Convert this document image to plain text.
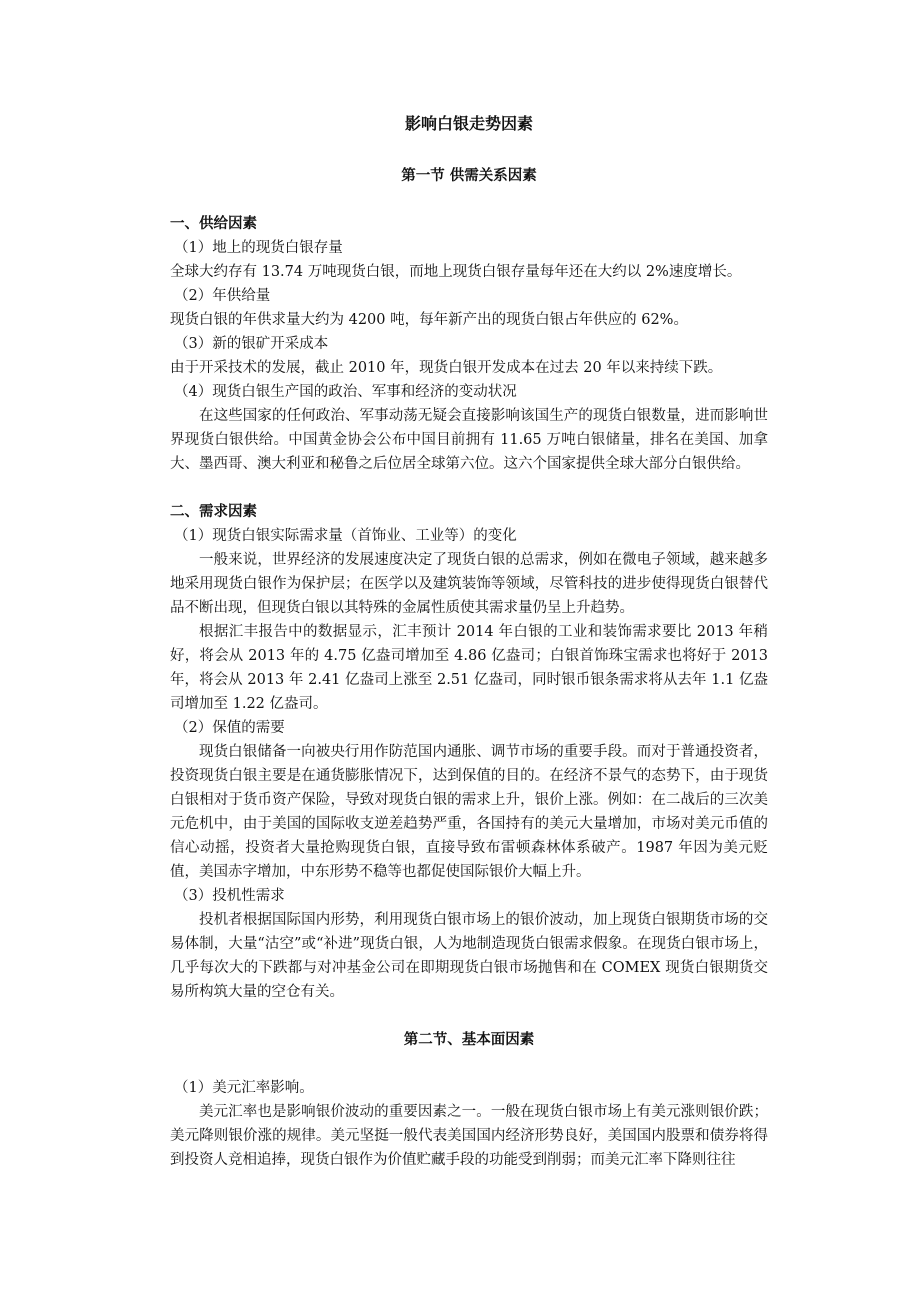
影响白银走势因素
第一节 供需关系因素
一、供给因素
（1）地上的现货白银存量
全球大约存有 13.74 万吨现货白银，而地上现货白银存量每年还在大约以 2%速度增长。
（2）年供给量
现货白银的年供求量大约为 4200 吨，每年新产出的现货白银占年供应的 62%。
（3）新的银矿开采成本
由于开采技术的发展，截止 2010 年，现货白银开发成本在过去 20 年以来持续下跌。
（4）现货白银生产国的政治、军事和经济的变动状况
在这些国家的任何政治、军事动荡无疑会直接影响该国生产的现货白银数量，进而影响世界现货白银供给。中国黄金协会公布中国目前拥有 11.65 万吨白银储量，排名在美国、加拿大、墨西哥、澳大利亚和秘鲁之后位居全球第六位。这六个国家提供全球大部分白银供给。
二、需求因素
（1）现货白银实际需求量（首饰业、工业等）的变化
一般来说，世界经济的发展速度决定了现货白银的总需求，例如在微电子领域，越来越多地采用现货白银作为保护层；在医学以及建筑装饰等领域，尽管科技的进步使得现货白银替代品不断出现，但现货白银以其特殊的金属性质使其需求量仍呈上升趋势。
根据汇丰报告中的数据显示，汇丰预计 2014 年白银的工业和装饰需求要比 2013 年稍好，将会从 2013 年的 4.75 亿盎司增加至 4.86 亿盎司；白银首饰珠宝需求也将好于 2013 年，将会从 2013 年 2.41 亿盎司上涨至 2.51 亿盎司，同时银币银条需求将从去年 1.1 亿盎司增加至 1.22 亿盎司。
（2）保值的需要
现货白银储备一向被央行用作防范国内通胀、调节市场的重要手段。而对于普通投资者，投资现货白银主要是在通货膨胀情况下，达到保值的目的。在经济不景气的态势下，由于现货白银相对于货币资产保险，导致对现货白银的需求上升，银价上涨。例如：在二战后的三次美元危机中，由于美国的国际收支逆差趋势严重，各国持有的美元大量增加，市场对美元币值的信心动摇，投资者大量抢购现货白银，直接导致布雷顿森林体系破产。1987 年因为美元贬值，美国赤字增加，中东形势不稳等也都促使国际银价大幅上升。
（3）投机性需求
投机者根据国际国内形势，利用现货白银市场上的银价波动，加上现货白银期货市场的交易体制，大量“沽空”或“补进”现货白银，人为地制造现货白银需求假象。在现货白银市场上，几乎每次大的下跌都与对冲基金公司在即期现货白银市场抛售和在 COMEX 现货白银期货交易所构筑大量的空仓有关。
第二节、基本面因素
（1）美元汇率影响。
美元汇率也是影响银价波动的重要因素之一。一般在现货白银市场上有美元涨则银价跌；美元降则银价涨的规律。美元坚挺一般代表美国国内经济形势良好，美国国内股票和债券将得到投资人竞相追捧，现货白银作为价值贮藏手段的功能受到削弱；而美元汇率下降则往往
